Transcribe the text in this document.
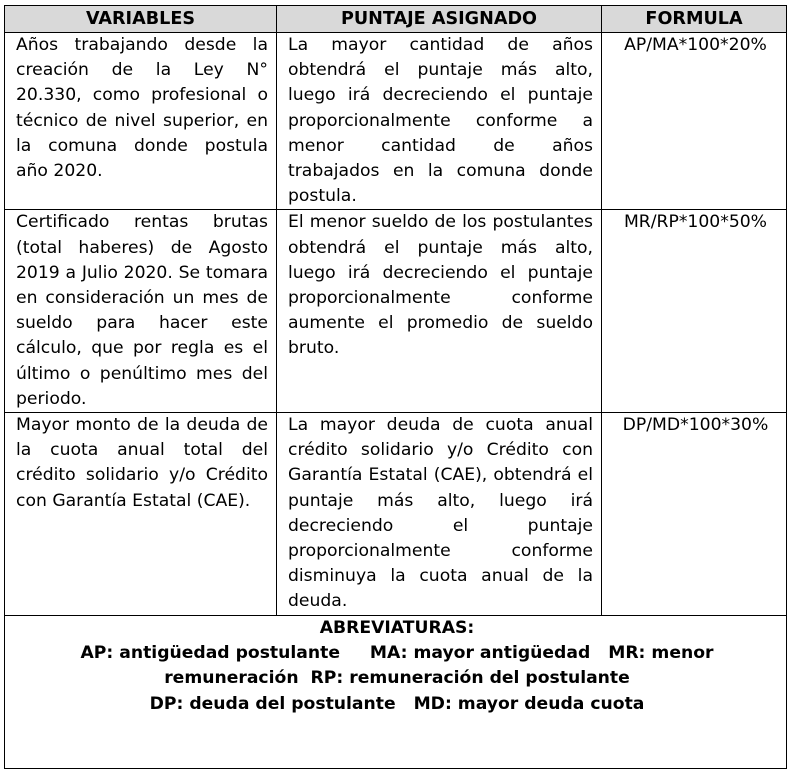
VARIABLES	PUNTAJE ASIGNADO	FORMULA
Años trabajando desde la creación de la Ley N° 20.330, como profesional o técnico de nivel superior, en la comuna donde postula año 2020.	La mayor cantidad de años obtendrá el puntaje más alto, luego irá decreciendo el puntaje proporcionalmente conforme a menor cantidad de años trabajados en la comuna donde postula.	AP/MA*100*20%
Certificado rentas brutas (total haberes) de Agosto 2019 a Julio 2020. Se tomara en consideración un mes de sueldo para hacer este cálculo, que por regla es el último o penúltimo mes del periodo.	El menor sueldo de los postulantes obtendrá el puntaje más alto, luego irá decreciendo el puntaje proporcionalmente conforme aumente el promedio de sueldo bruto.	MR/RP*100*50%
Mayor monto de la deuda de la cuota anual total del crédito solidario y/o Crédito con Garantía Estatal (CAE).	La mayor deuda de cuota anual crédito solidario y/o Crédito con Garantía Estatal (CAE), obtendrá el puntaje más alto, luego irá decreciendo el puntaje proporcionalmente conforme disminuya la cuota anual de la deuda.	DP/MD*100*30%

ABREVIATURAS:
AP: antigüedad postulante     MA: mayor antigüedad   MR: menor
remuneración  RP: remuneración del postulante
DP: deuda del postulante   MD: mayor deuda cuota		
